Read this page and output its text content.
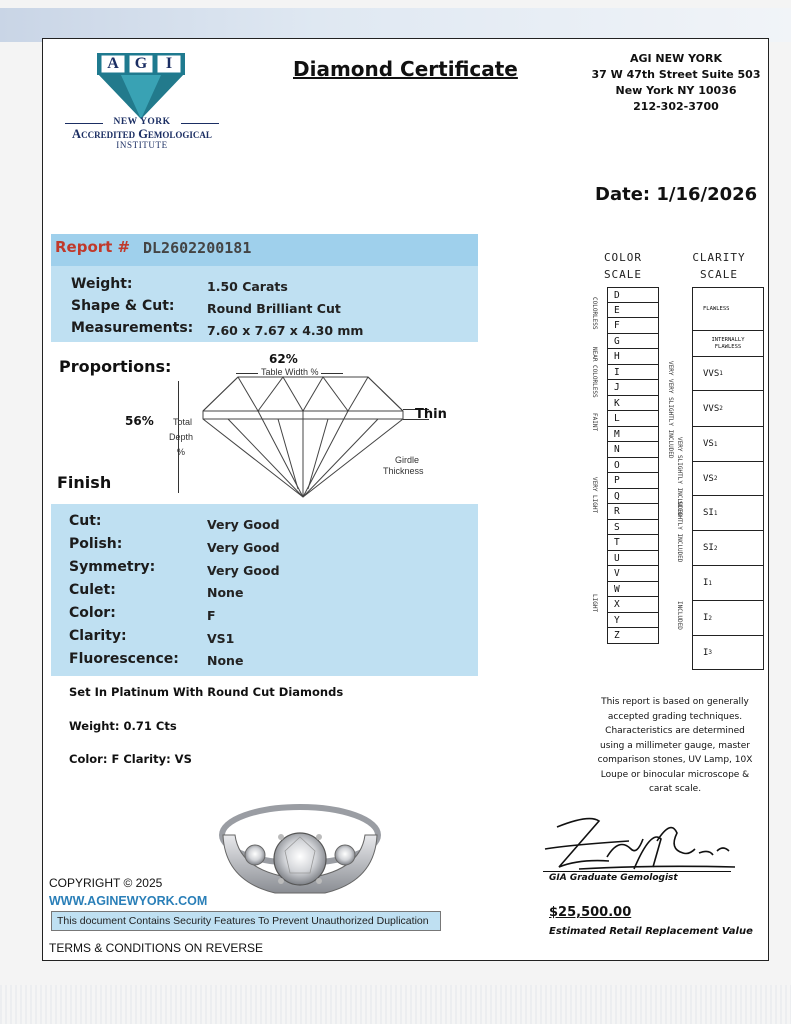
A G	I
NEW YORK
Accredited Gemological
INSTITUTE
Diamond Certificate	AGI NEW YORK
37 W 47th Street Suite 503
New York NY 10036
212-302-3700
Date: 1/16/2026
Report # DL2602200181
Weight:	1.50 Carats
Shape & Cut:	Round Brilliant Cut
Measurements: 7.60 x 7.67 x 4.30 mm
Proportions:	62%
Table Width %
56% Total
Depth
%
Thin
Girdle
Thickness
Finish
Cut:	Very Good
Polish:	Very Good
Symmetry:	Very Good
Culet:	None
Color:	F
Clarity:	VS1
Fluorescence: None
Set In Platinum With Round Cut Diamonds
Weight: 0.71 Cts
Color: F Clarity: VS
COPYRIGHT © 2025
WWW.AGINEWYORK.COM
This document Contains Security Features To Prevent Unauthorized Duplication
TERMS & CONDITIONS ON REVERSE
COLOR
SCALE
CLARITY
SCALE
D
E
F
G
H
I
J
K
L
M
N
O
P
Q
R
S
T
U
V
W
X
Y
Z
COLORLESS
NEAR COLORLESS
FAINT
VERY LIGHT
LIGHT
FLAWLESS
INTERNALLY FLAWLESS
VVS 1
VVS 2
VS 1
VS 2
SI 1
SI 2
I 1
I 2
I 3
VERY VERY SLIGHTLY INCLUDED
VERY SLIGHTLY INCLUDED
SLIGHTLY INCLUDED
INCLUDED
This report is based on generally
accepted grading techniques.
Characteristics are determined
using a millimeter gauge, master
comparison stones, UV Lamp, 10X
Loupe or binocular microscope &
carat scale.
GIA Graduate Gemologist
$25,500.00
Estimated Retail Replacement Value
